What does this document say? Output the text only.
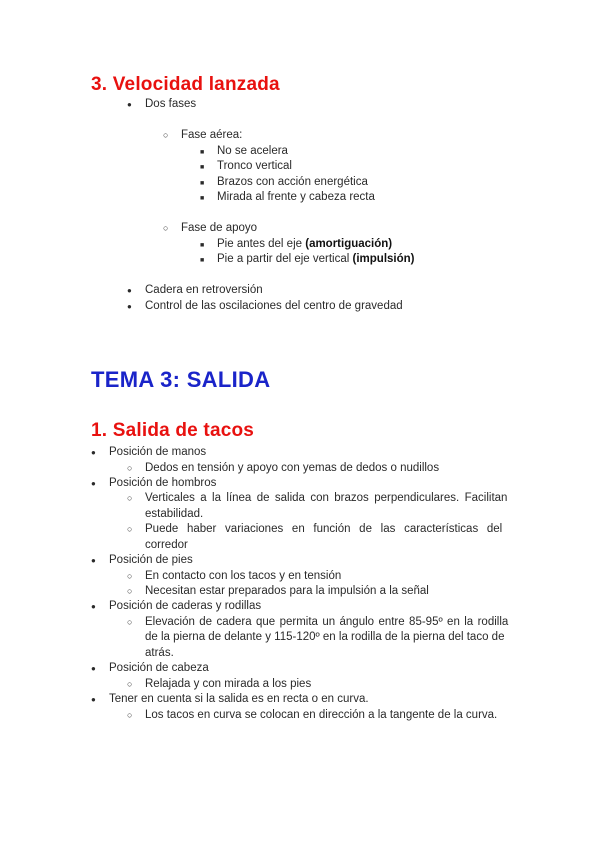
3. Velocidad lanzada
●
Dos fases
○
Fase aérea:
■
No se acelera
■
Tronco vertical
■
Brazos con acción energética
■
Mirada al frente y cabeza recta
○
Fase de apoyo
■
Pie antes del eje (amortiguación)
■
Pie a partir del eje vertical (impulsión)
●
Cadera en retroversión
●
Control de las oscilaciones del centro de gravedad
TEMA 3: SALIDA
1. Salida de tacos
●
Posición de manos
○
Dedos en tensión y apoyo con yemas de dedos o nudillos
●
Posición de hombros
○
Verticales a la línea de salida con brazos perpendiculares. Facilitan
estabilidad.
○
Puede haber variaciones en función de las características del
corredor
●
Posición de pies
○
En contacto con los tacos y en tensión
○
Necesitan estar preparados para la impulsión a la señal
●
Posición de caderas y rodillas
○
Elevación de cadera que permita un ángulo entre 85-95º en la rodilla
de la pierna de delante y 115-120º en la rodilla de la pierna del taco de
atrás.
●
Posición de cabeza
○
Relajada y con mirada a los pies
●
Tener en cuenta si la salida es en recta o en curva.
○
Los tacos en curva se colocan en dirección a la tangente de la curva.
